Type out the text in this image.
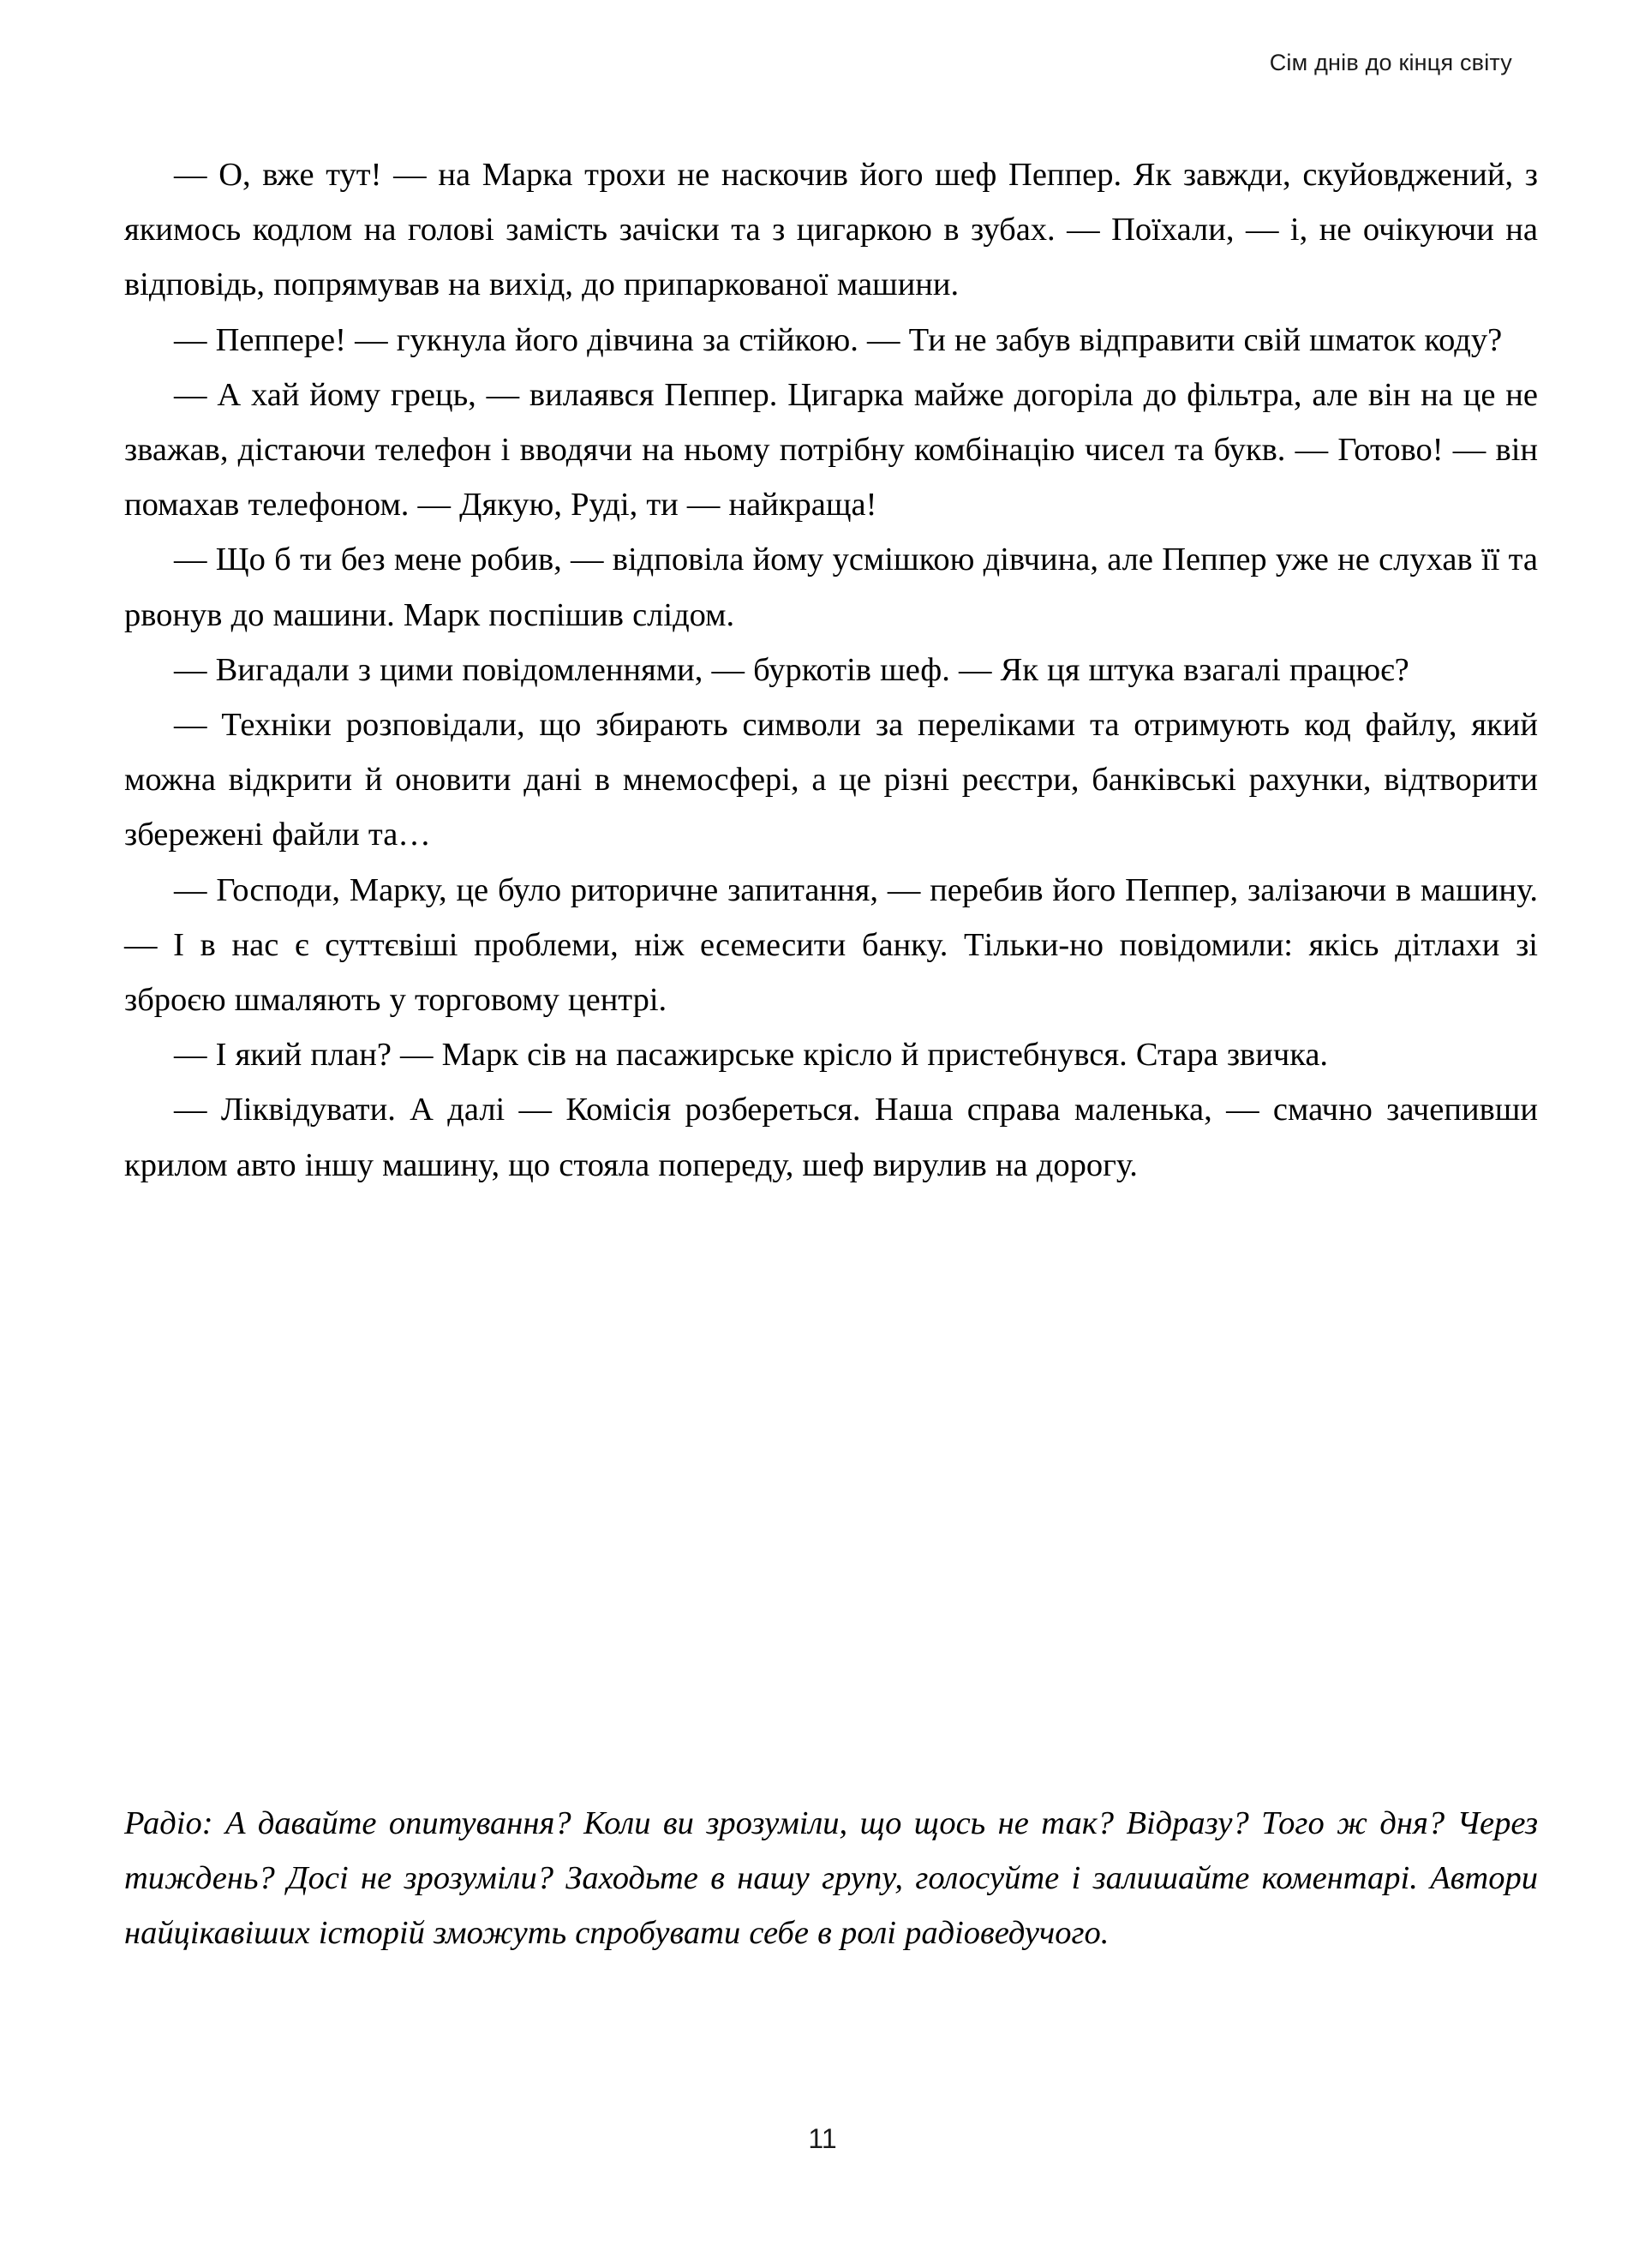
Сім днів до кінця світу

— О, вже тут! — на Марка трохи не наскочив його шеф Пеппер. Як завжди, скуйовджений, з якимось кодлом на голові замість зачіски та з цигаркою в зубах. — Поїхали, — і, не очікуючи на відповідь, попрямував на вихід, до припаркованої машини.

— Пеппере! — гукнула його дівчина за стійкою. — Ти не забув відправити свій шматок коду?

— А хай йому грець, — вилаявся Пеппер. Цигарка майже догоріла до фільтра, але він на це не зважав, дістаючи телефон і вводячи на ньому потрібну комбінацію чисел та букв. — Готово! — він помахав телефоном. — Дякую, Руді, ти — найкраща!

— Що б ти без мене робив, — відповіла йому усмішкою дівчина, але Пеппер уже не слухав її та рвонув до машини. Марк поспішив слідом.

— Вигадали з цими повідомленнями, — буркотів шеф. — Як ця штука взагалі працює?

— Техніки розповідали, що збирають символи за переліками та отримують код файлу, який можна відкрити й оновити дані в мнемосфері, а це різні реєстри, банківські рахунки, відтворити збережені файли та…

— Господи, Марку, це було риторичне запитання, — перебив його Пеппер, залізаючи в машину. — І в нас є суттєвіші проблеми, ніж есемесити банку. Тільки-но повідомили: якісь дітлахи зі зброєю шмаляють у торговому центрі.

— І який план? — Марк сів на пасажирське крісло й пристебнувся. Стара звичка.

— Ліквідувати. А далі — Комісія розбереться. Наша справа маленька, — смачно зачепивши крилом авто іншу машину, що стояла попереду, шеф вирулив на дорогу.

Радіо: А давайте опитування? Коли ви зрозуміли, що щось не так? Відразу? Того ж дня? Через тиждень? Досі не зрозуміли? Заходьте в нашу групу, голосуйте і залишайте коментарі. Автори найцікавіших історій зможуть спробувати себе в ролі радіоведучого.

11
